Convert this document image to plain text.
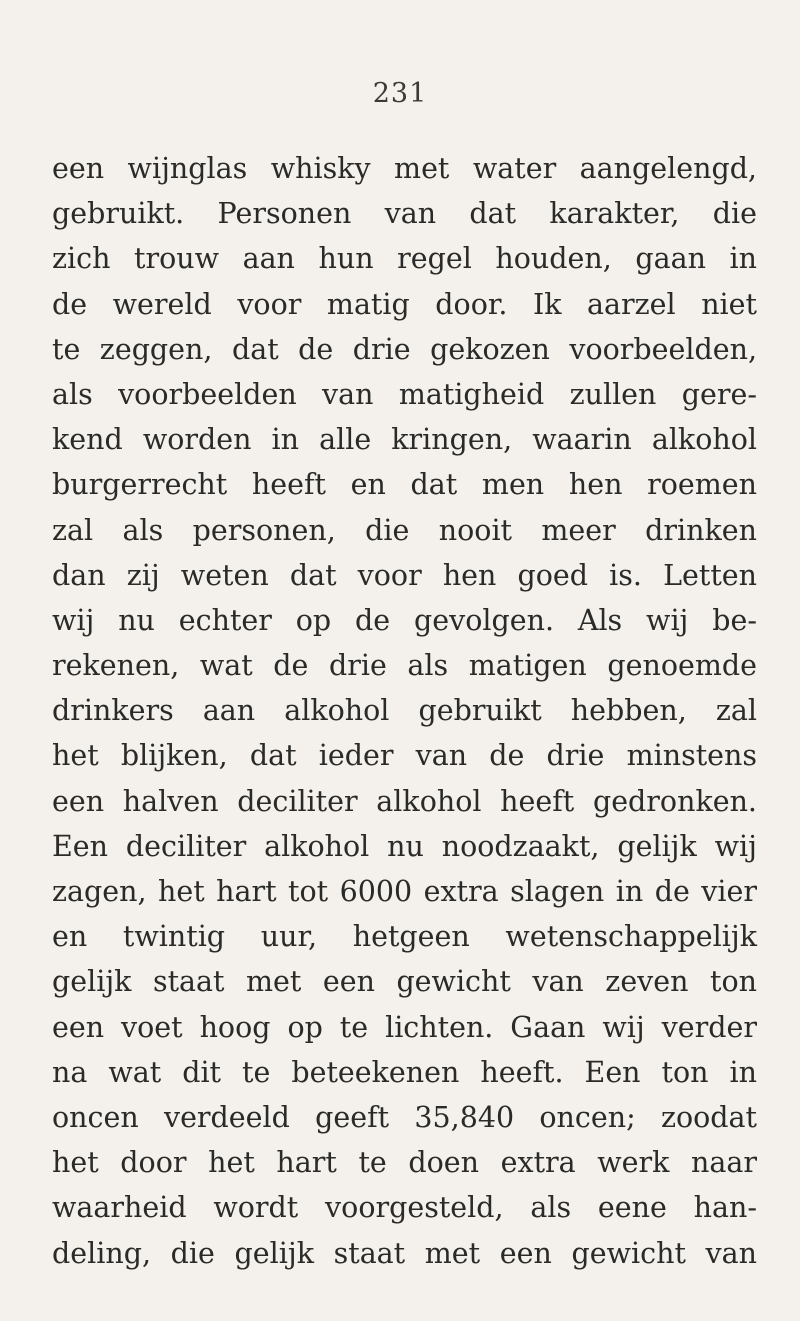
231
een wijnglas whisky met water aangelengd,
gebruikt. Personen van dat karakter, die
zich trouw aan hun regel houden, gaan in
de wereld voor matig door. Ik aarzel niet
te zeggen, dat de drie gekozen voorbeelden,
als voorbeelden van matigheid zullen gere-
kend worden in alle kringen, waarin alkohol
burgerrecht heeft en dat men hen roemen
zal als personen, die nooit meer drinken
dan zij weten dat voor hen goed is. Letten
wij nu echter op de gevolgen. Als wij be-
rekenen, wat de drie als matigen genoemde
drinkers aan alkohol gebruikt hebben, zal
het blijken, dat ieder van de drie minstens
een halven deciliter alkohol heeft gedronken.
Een deciliter alkohol nu noodzaakt, gelijk wij
zagen, het hart tot 6000 extra slagen in de vier
en twintig uur, hetgeen wetenschappelijk
gelijk staat met een gewicht van zeven ton
een voet hoog op te lichten. Gaan wij verder
na wat dit te beteekenen heeft. Een ton in
oncen verdeeld geeft 35,840 oncen; zoodat
het door het hart te doen extra werk naar
waarheid wordt voorgesteld, als eene han-
deling, die gelijk staat met een gewicht van
